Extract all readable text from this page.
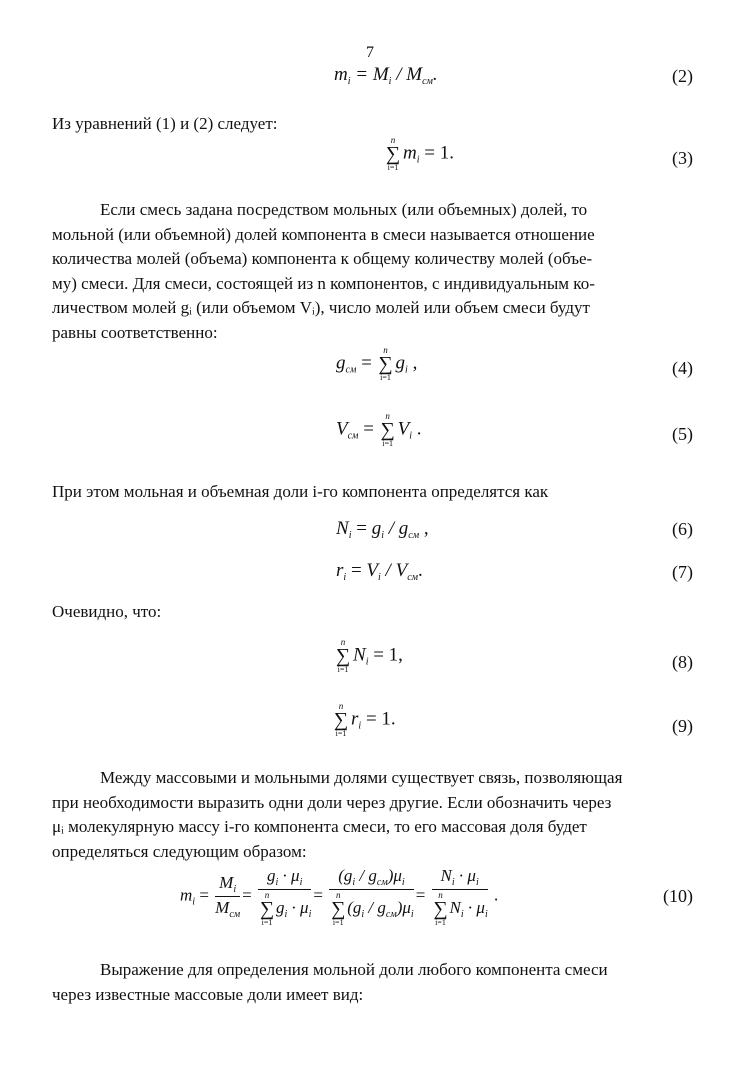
7
$m_i = M_i / M_{см}$.	(2)
Из уравнений (1) и (2) следует:
n
∑
i=1
$m_i = 1$.	(3)
Если смесь задана посредством мольных (или объемных) долей, то
мольной (или объемной) долей компонента в смеси называется отношение
количества молей (объема) компонента к общему количеству молей (объе-
му) смеси. Для смеси, состоящей из n компонентов, с индивидуальным ко-
личеством молей gᵢ (или объемом Vᵢ), число молей или объем смеси будут
равны соответственно:
$g_{см}$ =
n
∑
i=1
$g_i$ ,	(4)
$V_{см}$ =
n
∑
i=1
$V_i$ .	(5)
При этом мольная и объемная доли i-го компонента определятся как
$N_i = g_i / g_{см}$ ,	(6)
$r_i = V_i / V_{см}$.	(7)
Очевидно, что:
n
∑
i=1
$N_i = 1$,	(8)
n
∑
i=1
$r_i = 1$.	(9)
Между массовыми и мольными долями существует связь, позволяющая
при необходимости выразить одни доли через другие. Если обозначить через
μᵢ молекулярную массу i-го компонента смеси, то его массовая доля будет
определяться следующим образом:
$m_i = \frac{M_i}{M_{см}} = g_i \cdot \mu_i$
n
∑
i=1
$g_i \cdot \mu_i = (g_i / g_{см})\mu_i$
n
∑
i=1
$(g_i / g_{см})\mu_i = N_i \cdot \mu_i$
n
∑
i=1
$N_i \cdot \mu_i$ .	(10)
Выражение для определения мольной доли любого компонента смеси
через известные массовые доли имеет вид:
